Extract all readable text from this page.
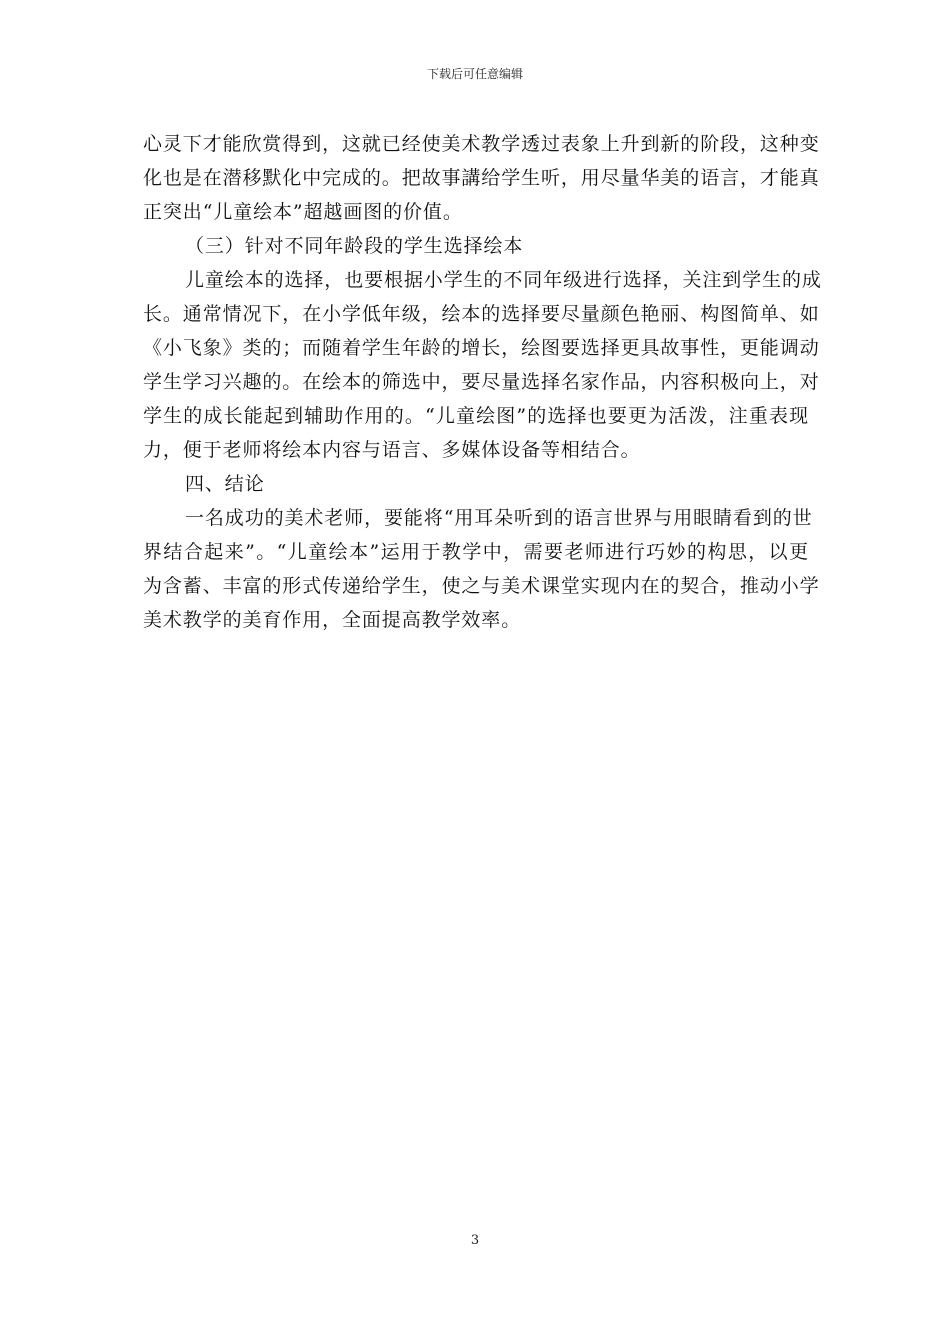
下载后可任意编辑
心灵下才能欣赏得到，这就已经使美术教学透过表象上升到新的阶段，这种变
化也是在潜移默化中完成的。把故事講给学生听，用尽量华美的语言，才能真
正突出“儿童绘本”超越画图的价值。
（三）针对不同年龄段的学生选择绘本
儿童绘本的选择，也要根据小学生的不同年级进行选择，关注到学生的成
长。通常情况下，在小学低年级，绘本的选择要尽量颜色艳丽、构图简单、如
《小飞象》类的；而随着学生年龄的增长，绘图要选择更具故事性，更能调动
学生学习兴趣的。在绘本的筛选中，要尽量选择名家作品，内容积极向上，对
学生的成长能起到辅助作用的。“儿童绘图”的选择也要更为活泼，注重表现
力，便于老师将绘本内容与语言、多媒体设备等相结合。
四、结论
一名成功的美术老师，要能将“用耳朵听到的语言世界与用眼睛看到的世
界结合起来”。“儿童绘本”运用于教学中，需要老师进行巧妙的构思，以更
为含蓄、丰富的形式传递给学生，使之与美术课堂实现内在的契合，推动小学
美术教学的美育作用，全面提高教学效率。
3
